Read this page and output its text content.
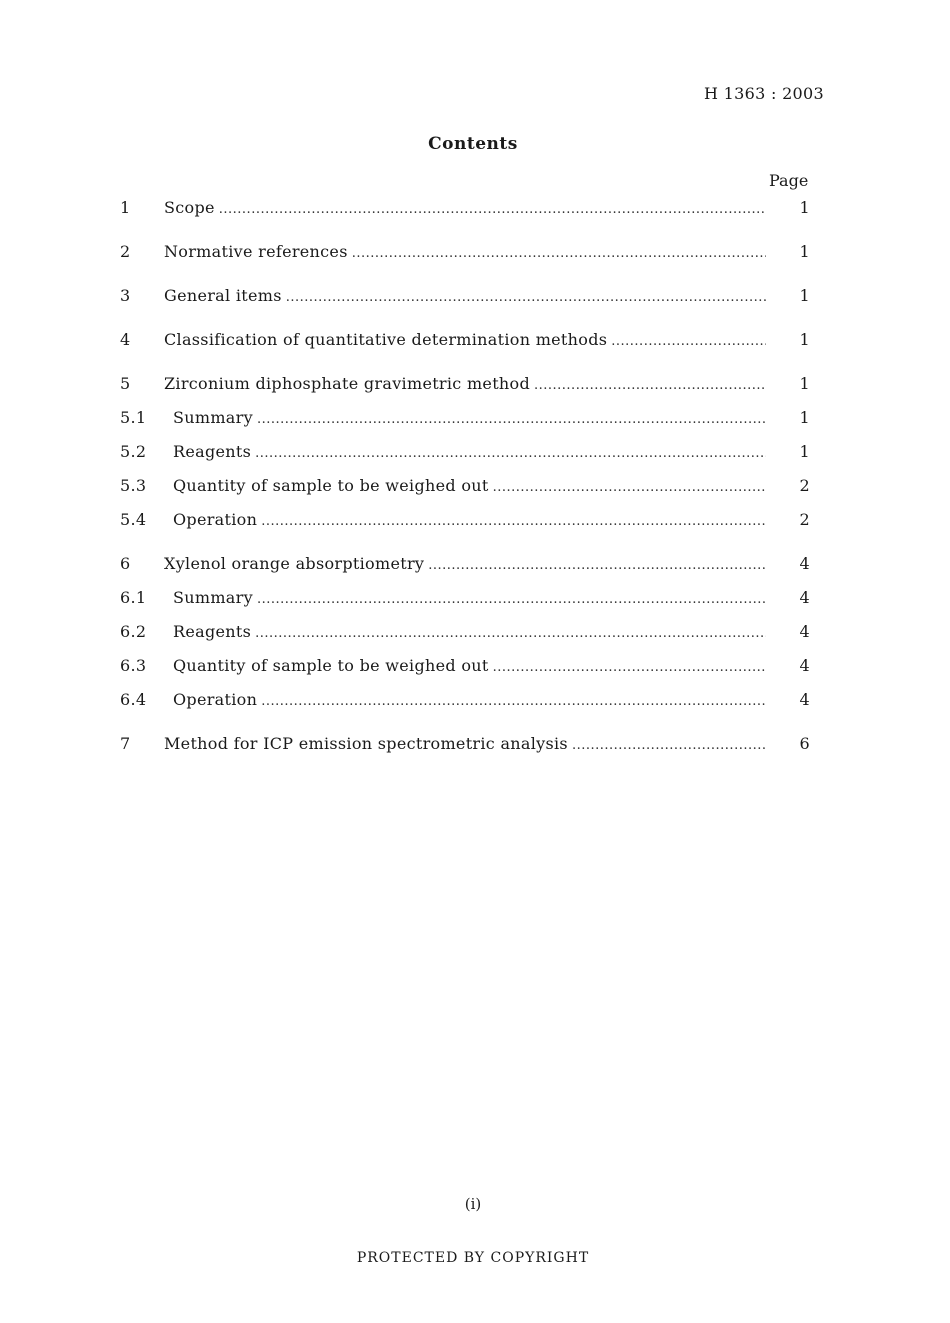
H 1363 : 2003
Contents
Page
1	Scope .....	1
2	Normative references .....	1
3	General items .....	1
4	Classification of quantitative determination methods .....	1
5	Zirconium diphosphate gravimetric method .....	1
5.1	Summary .....	1
5.2	Reagents .....	1
5.3	Quantity of sample to be weighed out .....	2
5.4	Operation .....	2
6	Xylenol orange absorptiometry .....	4
6.1	Summary .....	4
6.2	Reagents .....	4
6.3	Quantity of sample to be weighed out .....	4
6.4	Operation .....	4
7	Method for ICP emission spectrometric analysis .....	6
(i)
PROTECTED BY COPYRIGHT
